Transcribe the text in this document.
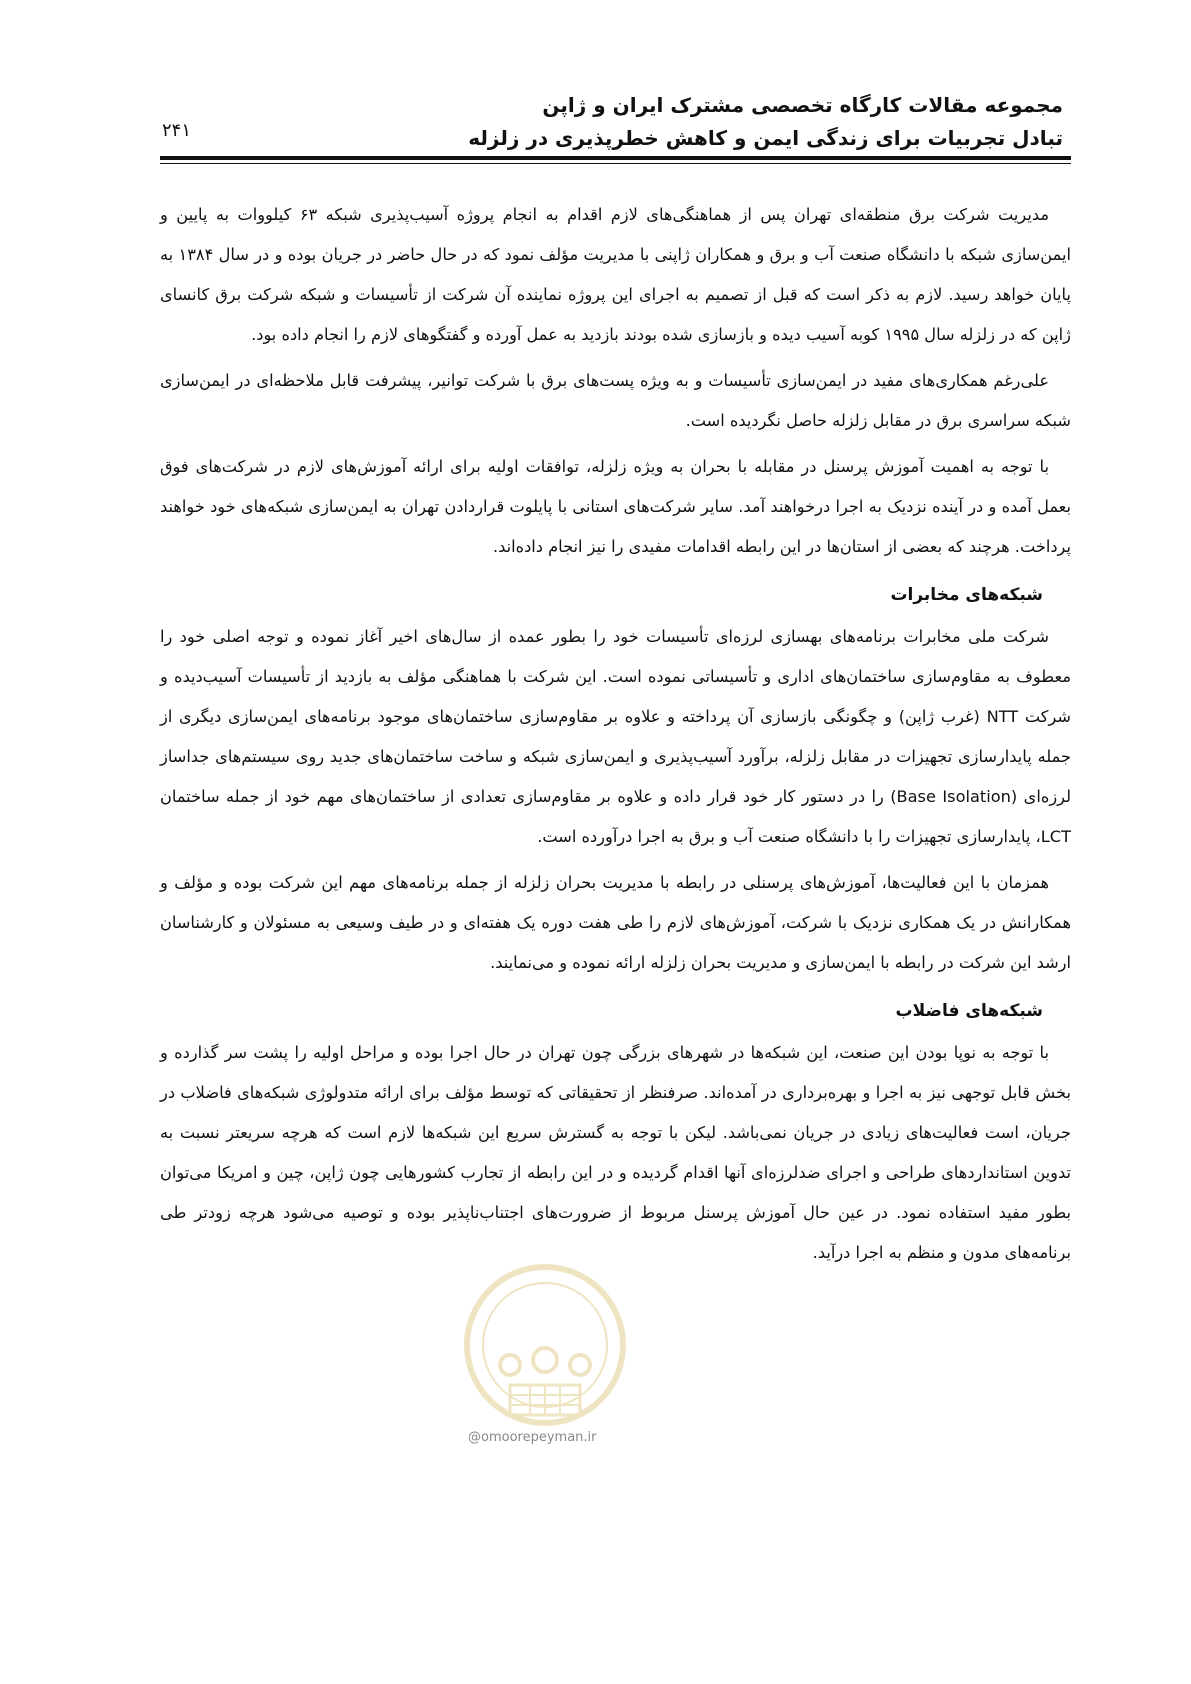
مجموعه مقالات کارگاه تخصصی مشترک ایران و ژاپن
تبادل تجربیات برای زندگی ایمن و کاهش خطرپذیری در زلزله
۲۴۱

مدیریت شرکت برق منطقه‌ای تهران پس از هماهنگی‌های لازم اقدام به انجام پروژه آسیب‌پذیری شبکه ۶۳ کیلووات به پایین و ایمن‌سازی شبکه با دانشگاه صنعت آب و برق و همکاران ژاپنی با مدیریت مؤلف نمود که در حال حاضر در جریان بوده و در سال ۱۳۸۴ به پایان خواهد رسید. لازم به ذکر است که قبل از تصمیم به اجرای این پروژه نماینده آن شرکت از تأسیسات و شبکه شرکت برق کانسای ژاپن که در زلزله سال ۱۹۹۵ کوبه آسیب دیده و بازسازی شده بودند بازدید به عمل آورده و گفتگوهای لازم را انجام داده بود.

علی‌رغم همکاری‌های مفید در ایمن‌سازی تأسیسات و به ویژه پست‌های برق با شرکت توانیر، پیشرفت قابل ملاحظه‌ای در ایمن‌سازی شبکه سراسری برق در مقابل زلزله حاصل نگردیده است.

با توجه به اهمیت آموزش پرسنل در مقابله با بحران به ویژه زلزله، توافقات اولیه برای ارائه آموزش‌های لازم در شرکت‌های فوق بعمل آمده و در آینده نزدیک به اجرا درخواهند آمد. سایر شرکت‌های استانی با پایلوت قراردادن تهران به ایمن‌سازی شبکه‌های خود خواهند پرداخت. هرچند که بعضی از استان‌ها در این رابطه اقدامات مفیدی را نیز انجام داده‌اند.

شبکه‌های مخابرات

شرکت ملی مخابرات برنامه‌های بهسازی لرزه‌ای تأسیسات خود را بطور عمده از سال‌های اخیر آغاز نموده و توجه اصلی خود را معطوف به مقاوم‌سازی ساختمان‌های اداری و تأسیساتی نموده است. این شرکت با هماهنگی مؤلف به بازدید از تأسیسات آسیب‌دیده و شرکت NTT (غرب ژاپن) و چگونگی بازسازی آن پرداخته و علاوه بر مقاوم‌سازی ساختمان‌های موجود برنامه‌های ایمن‌سازی دیگری از جمله پایدارسازی تجهیزات در مقابل زلزله، برآورد آسیب‌پذیری و ایمن‌سازی شبکه و ساخت ساختمان‌های جدید روی سیستم‌های جداساز لرزه‌ای (Base Isolation) را در دستور کار خود قرار داده و علاوه بر مقاوم‌سازی تعدادی از ساختمان‌های مهم خود از جمله ساختمان LCT، پایدارسازی تجهیزات را با دانشگاه صنعت آب و برق به اجرا درآورده است.

همزمان با این فعالیت‌ها، آموزش‌های پرسنلی در رابطه با مدیریت بحران زلزله از جمله برنامه‌های مهم این شرکت بوده و مؤلف و همکارانش در یک همکاری نزدیک با شرکت، آموزش‌های لازم را طی هفت دوره یک هفته‌ای و در طیف وسیعی به مسئولان و کارشناسان ارشد این شرکت در رابطه با ایمن‌سازی و مدیریت بحران زلزله ارائه نموده و می‌نمایند.

شبکه‌های فاضلاب

با توجه به نوپا بودن این صنعت، این شبکه‌ها در شهرهای بزرگی چون تهران در حال اجرا بوده و مراحل اولیه را پشت سر گذارده و بخش قابل توجهی نیز به اجرا و بهره‌برداری در آمده‌اند. صرفنظر از تحقیقاتی که توسط مؤلف برای ارائه متدولوژی شبکه‌های فاضلاب در جریان، است فعالیت‌های زیادی در جریان نمی‌باشد. لیکن با توجه به گسترش سریع این شبکه‌ها لازم است که هرچه سریعتر نسبت به تدوین استانداردهای طراحی و اجرای ضدلرزه‌ای آنها اقدام گردیده و در این رابطه از تجارب کشورهایی چون ژاپن، چین و امریکا می‌توان بطور مفید استفاده نمود. در عین حال آموزش پرسنل مربوط از ضرورت‌های اجتناب‌ناپذیر بوده و توصیه می‌شود هرچه زودتر طی برنامه‌های مدون و منظم به اجرا درآید.

@omoorepeyman.ir
